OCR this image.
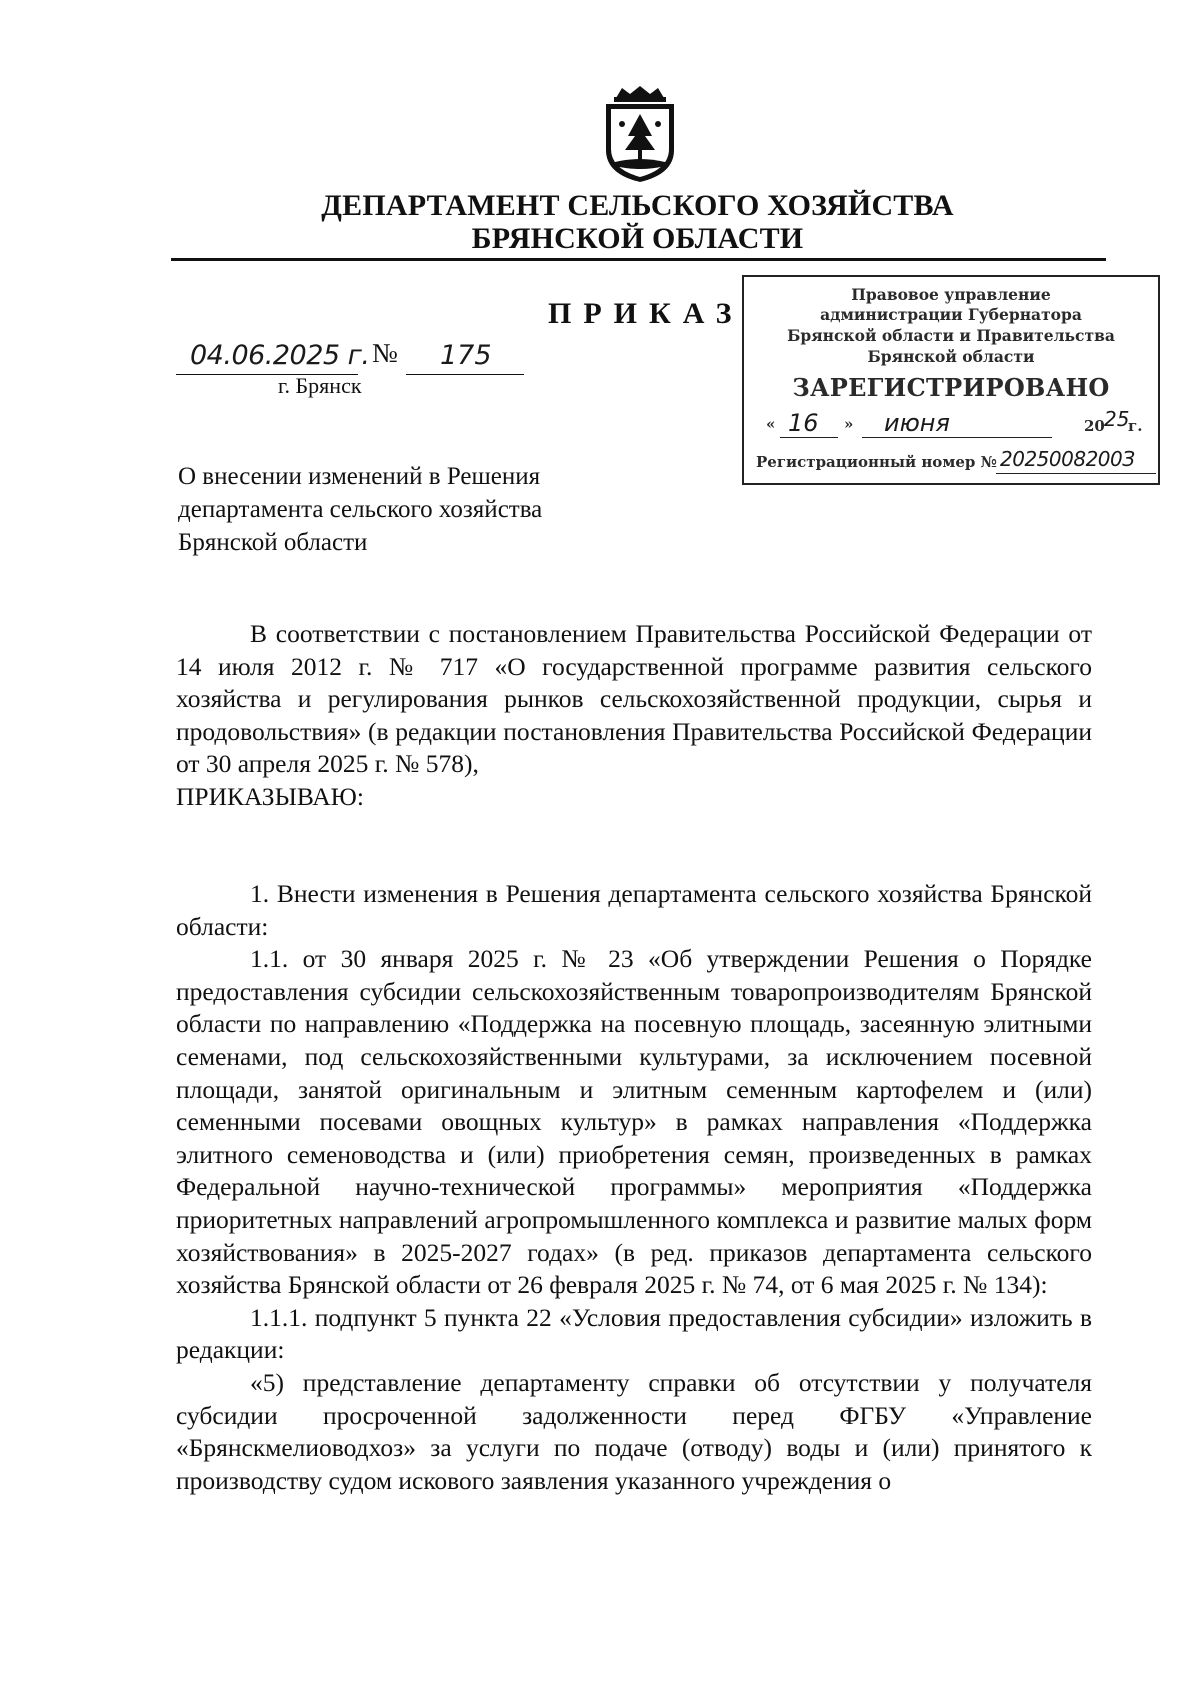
ДЕПАРТАМЕНТ СЕЛЬСКОГО ХОЗЯЙСТВА
БРЯНСКОЙ ОБЛАСТИ
ПРИКАЗ
04.06.2025 г. № 175
г. Брянск
Правовое управление
администрации Губернатора
Брянской области и Правительства
Брянской области
ЗАРЕГИСТРИРОВАНО
« 16 » июня	20 25
г.
Регистрационный номер № 2025008200З
О внесении изменений в Решения
департамента сельского хозяйства
Брянской области

В соответствии с постановлением Правительства Российской Федерации от 14 июля 2012 г. № 717 «О государственной программе развития сельского хозяйства и регулирования рынков сельскохозяйственной продукции, сырья и продовольствия» (в редакции постановления Правительства Российской Федерации от 30 апреля 2025 г. № 578),

ПРИКАЗЫВАЮ:

1. Внести изменения в Решения департамента сельского хозяйства Брянской области:

1.1. от 30 января 2025 г. № 23 «Об утверждении Решения о Порядке предоставления субсидии сельскохозяйственным товаропроизводителям Брянской области по направлению «Поддержка на посевную площадь, засеянную элитными семенами, под сельскохозяйственными культурами, за исключением посевной площади, занятой оригинальным и элитным семенным картофелем и (или) семенными посевами овощных культур» в рамках направления «Поддержка элитного семеноводства и (или) приобретения семян, произведенных в рамках Федеральной научно-технической программы» мероприятия «Поддержка приоритетных направлений агропромышленного комплекса и развитие малых форм хозяйствования» в 2025-2027 годах» (в ред. приказов департамента сельского хозяйства Брянской области от 26 февраля 2025 г. № 74, от 6 мая 2025 г. № 134):

1.1.1. подпункт 5 пункта 22 «Условия предоставления субсидии» изложить в редакции:

«5) представление департаменту справки об отсутствии у получателя субсидии просроченной задолженности перед ФГБУ «Управление «Брянскмелиоводхоз» за услуги по подаче (отводу) воды и (или) принятого к производству судом искового заявления указанного учреждения о
